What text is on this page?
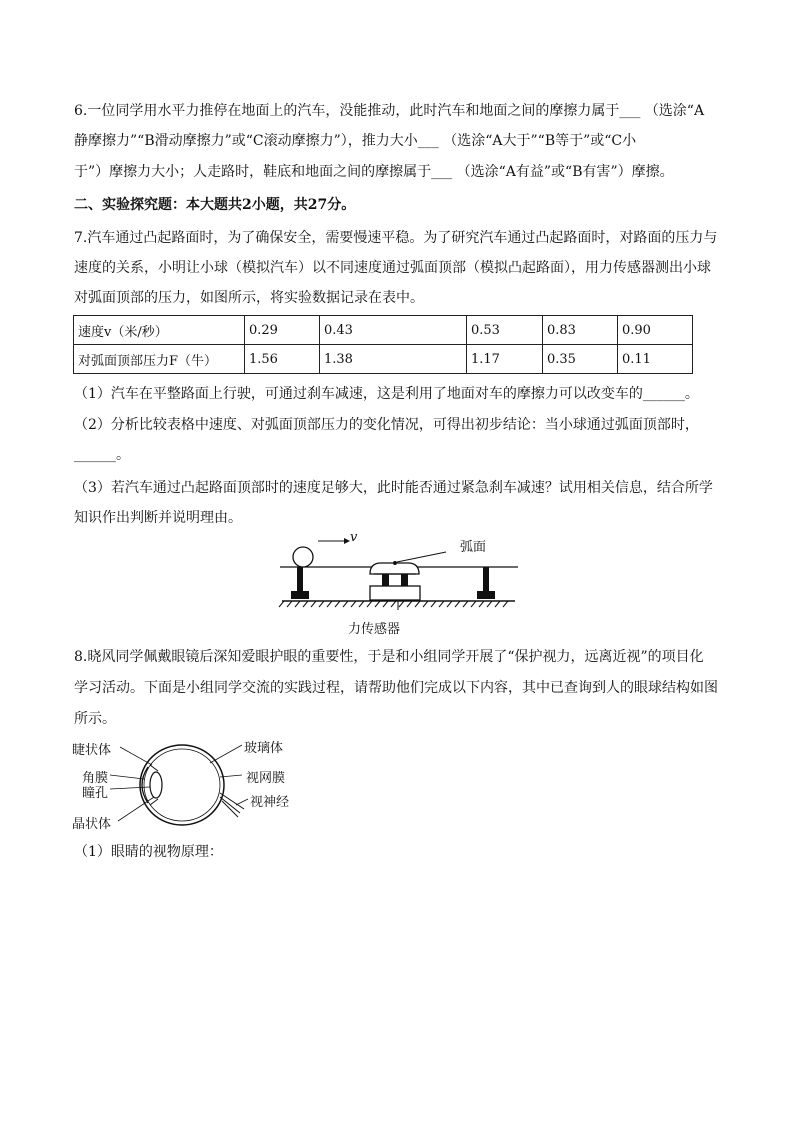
6.一位同学用水平力推停在地面上的汽车，没能推动，此时汽车和地面之间的摩擦力属于___ （选涂“A
静摩擦力”“B滑动摩擦力”或“C滚动摩擦力”），推力大小___ （选涂“A大于”“B等于”或“C小
于”）摩擦力大小；人走路时，鞋底和地面之间的摩擦属于___ （选涂“A有益”或“B有害”）摩擦。
二、实验探究题：本大题共2小题，共27分。
7.汽车通过凸起路面时，为了确保安全，需要慢速平稳。为了研究汽车通过凸起路面时，对路面的压力与
速度的关系，小明让小球（模拟汽车）以不同速度通过弧面顶部（模拟凸起路面），用力传感器测出小球
对弧面顶部的压力，如图所示，将实验数据记录在表中。
速度v（米/秒）	0.29	0.43	0.53	0.83	0.90
对弧面顶部压力F（牛）	1.56	1.38	1.17	0.35	0.11
（1）汽车在平整路面上行驶，可通过刹车减速，这是利用了地面对车的摩擦力可以改变车的______。
（2）分析比较表格中速度、对弧面顶部压力的变化情况，可得出初步结论：当小球通过弧面顶部时，
______。
（3）若汽车通过凸起路面顶部时的速度足够大，此时能否通过紧急刹车减速？试用相关信息，结合所学
知识作出判断并说明理由。
v
弧面
力传感器
8.晓风同学佩戴眼镜后深知爱眼护眼的重要性，于是和小组同学开展了“保护视力，远离近视”的项目化
学习活动。下面是小组同学交流的实践过程，请帮助他们完成以下内容，其中已查询到人的眼球结构如图
所示。
睫状体
角膜
瞳孔
晶状体
玻璃体
视网膜
视神经
（1）眼睛的视物原理：
